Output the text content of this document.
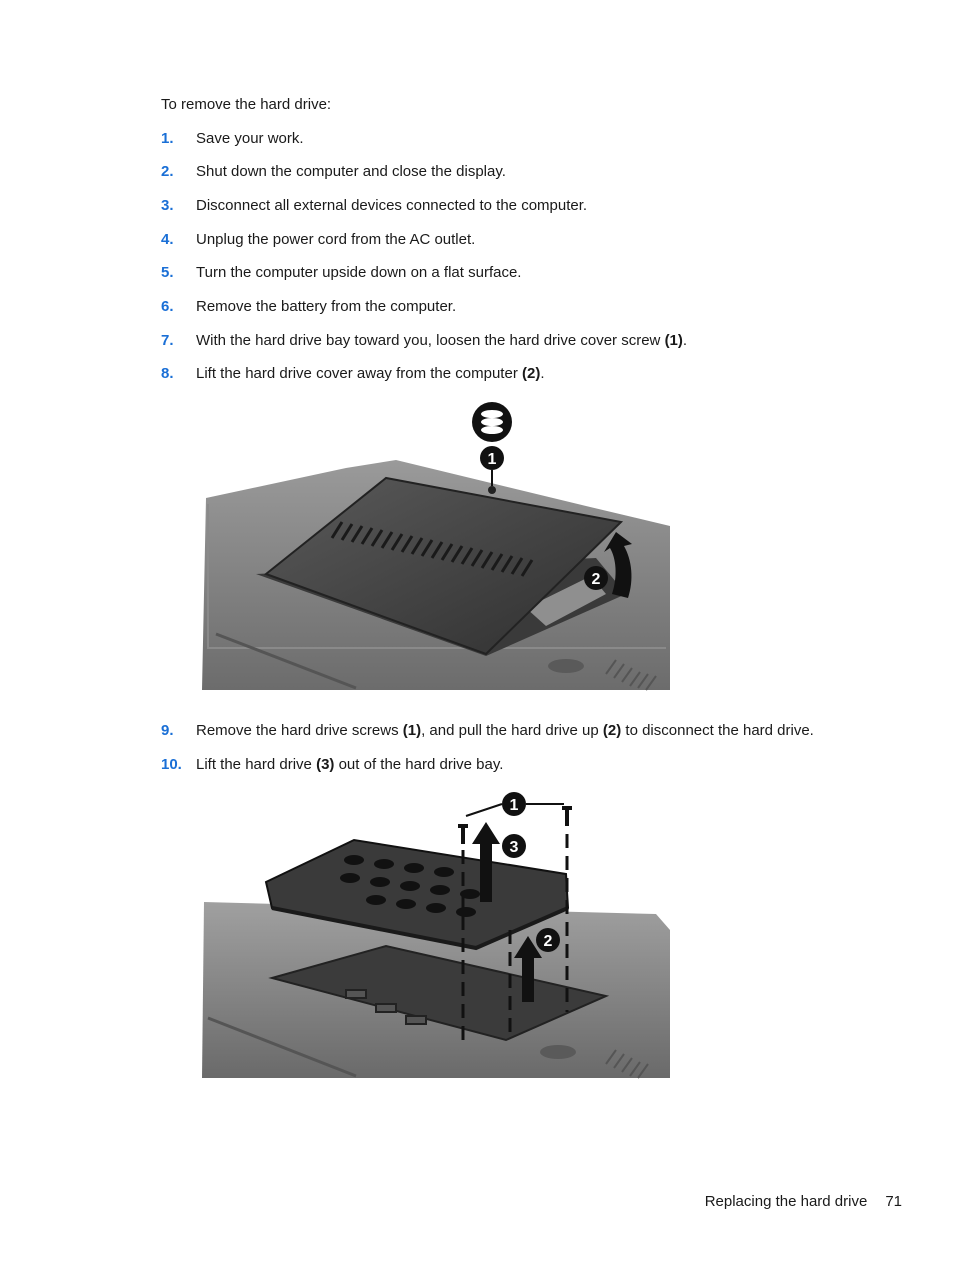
To remove the hard drive:

1. Save your work.
2. Shut down the computer and close the display.
3. Disconnect all external devices connected to the computer.
4. Unplug the power cord from the AC outlet.
5. Turn the computer upside down on a flat surface.
6. Remove the battery from the computer.
7. With the hard drive bay toward you, loosen the hard drive cover screw (1).
8. Lift the hard drive cover away from the computer (2).
9. Remove the hard drive screws (1), and pull the hard drive up (2) to disconnect the hard drive.
10. Lift the hard drive (3) out of the hard drive bay.
1
2
1
3
2
Replacing the hard drive 71
